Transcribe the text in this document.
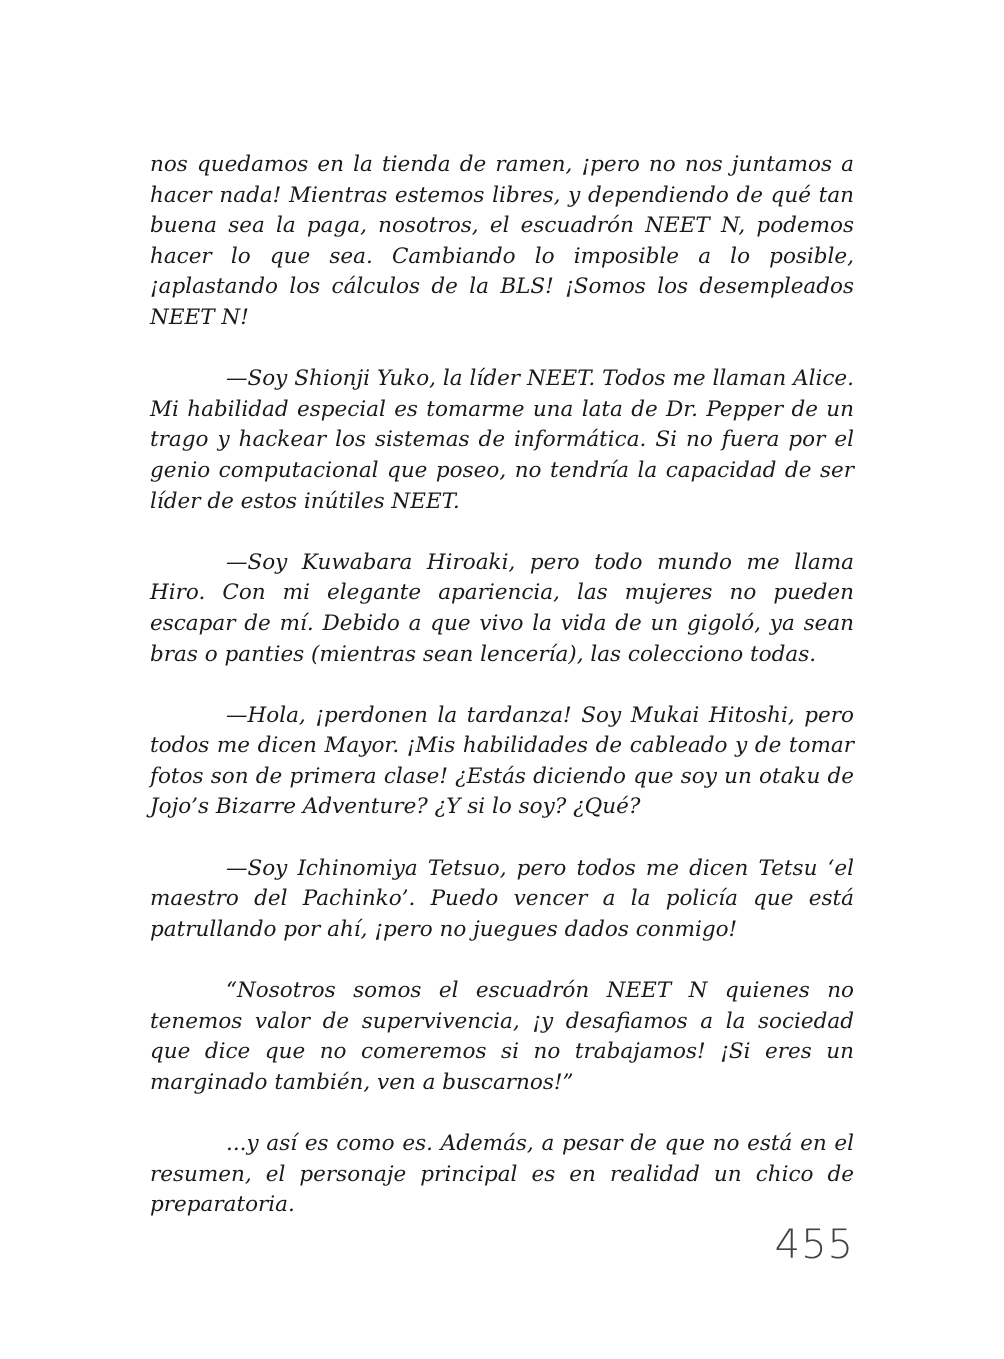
nos quedamos en la tienda de ramen, ¡pero no nos juntamos a hacer nada! Mientras estemos libres, y dependiendo de qué tan buena sea la paga, nosotros, el escuadrón NEET N, podemos hacer lo que sea. Cambiando lo imposible a lo posible, ¡aplastando los cálculos de la BLS! ¡Somos los desempleados NEET N!

—Soy Shionji Yuko, la líder NEET. Todos me llaman Alice. Mi habilidad especial es tomarme una lata de Dr. Pepper de un trago y hackear los sistemas de informática. Si no fuera por el genio computacional que poseo, no tendría la capacidad de ser líder de estos inútiles NEET.

—Soy Kuwabara Hiroaki, pero todo mundo me llama Hiro. Con mi elegante apariencia, las mujeres no pueden escapar de mí. Debido a que vivo la vida de un gigoló, ya sean bras o panties (mientras sean lencería), las colecciono todas.

—Hola, ¡perdonen la tardanza! Soy Mukai Hitoshi, pero todos me dicen Mayor. ¡Mis habilidades de cableado y de tomar fotos son de primera clase! ¿Estás diciendo que soy un otaku de Jojo’s Bizarre Adventure? ¿Y si lo soy? ¿Qué?

—Soy Ichinomiya Tetsuo, pero todos me dicen Tetsu ‘el maestro del Pachinko’. Puedo vencer a la policía que está patrullando por ahí, ¡pero no juegues dados conmigo!

“Nosotros somos el escuadrón NEET N quienes no tenemos valor de supervivencia, ¡y desafiamos a la sociedad que dice que no comeremos si no trabajamos! ¡Si eres un marginado también, ven a buscarnos!”

...y así es como es. Además, a pesar de que no está en el resumen, el personaje principal es en realidad un chico de preparatoria.

455
